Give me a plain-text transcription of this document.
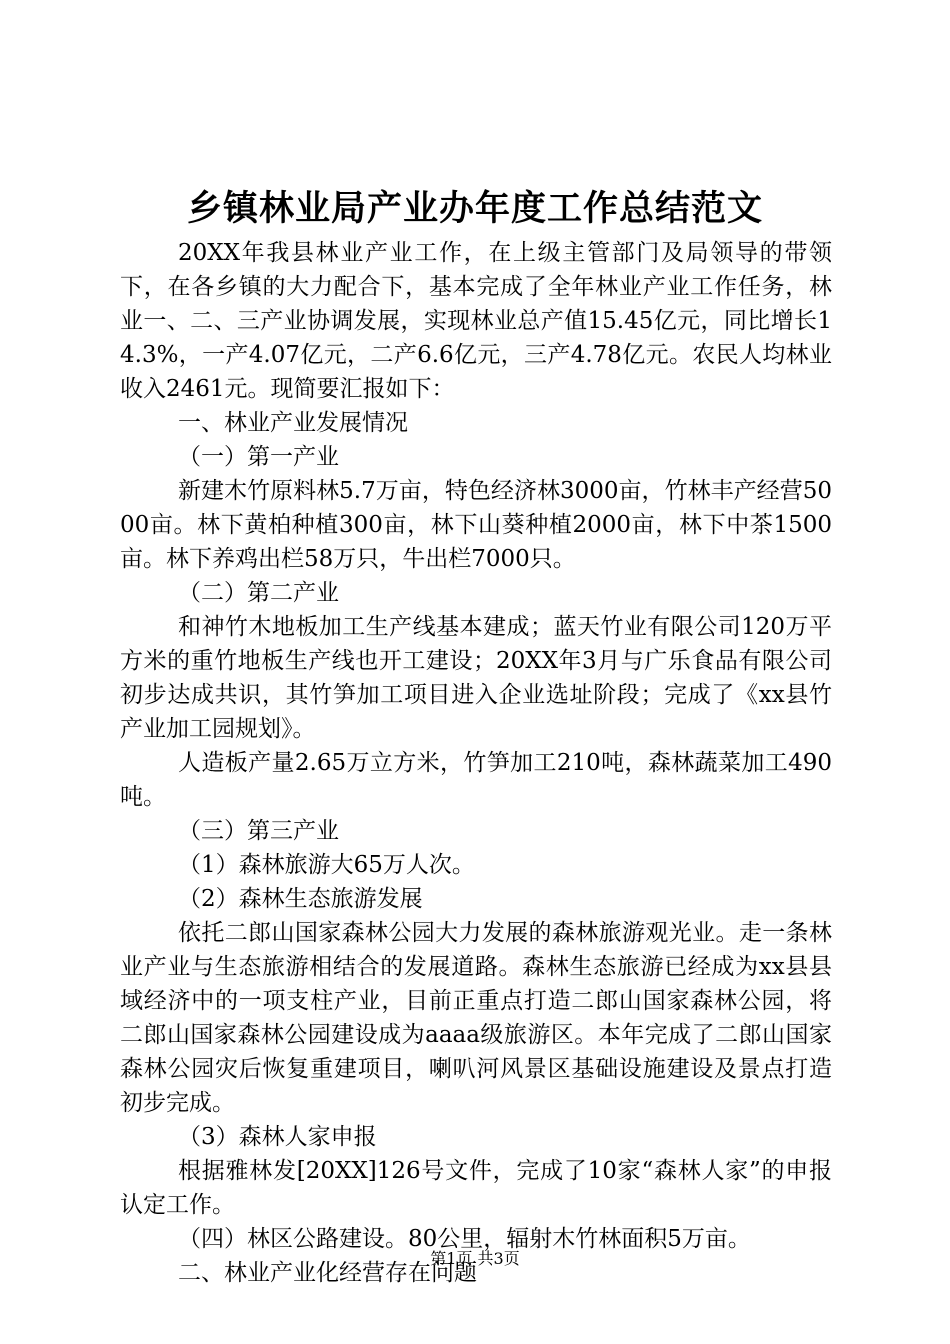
乡镇林业局产业办年度工作总结范文

20XX年我县林业产业工作，在上级主管部门及局领导的带领下，在各乡镇的大力配合下，基本完成了全年林业产业工作任务，林业一、二、三产业协调发展，实现林业总产值15.45亿元，同比增长14.3%，一产4.07亿元，二产6.6亿元，三产4.78亿元。农民人均林业收入2461元。现简要汇报如下：

一、林业产业发展情况

（一）第一产业

新建木竹原料林5.7万亩，特色经济林3000亩，竹林丰产经营5000亩。林下黄柏种植300亩，林下山葵种植2000亩，林下中茶1500亩。林下养鸡出栏58万只，牛出栏7000只。

（二）第二产业

和神竹木地板加工生产线基本建成；蓝天竹业有限公司120万平方米的重竹地板生产线也开工建设；20XX年3月与广乐食品有限公司初步达成共识，其竹笋加工项目进入企业选址阶段；完成了《xx县竹产业加工园规划》。

人造板产量2.65万立方米，竹笋加工210吨，森林蔬菜加工490吨。

（三）第三产业

（1）森林旅游大65万人次。

（2）森林生态旅游发展

依托二郎山国家森林公园大力发展的森林旅游观光业。走一条林业产业与生态旅游相结合的发展道路。森林生态旅游已经成为xx县县域经济中的一项支柱产业，目前正重点打造二郎山国家森林公园，将二郎山国家森林公园建设成为aaaa级旅游区。本年完成了二郎山国家森林公园灾后恢复重建项目，喇叭河风景区基础设施建设及景点打造初步完成。

（3）森林人家申报

根据雅林发[20XX]126号文件，完成了10家“森林人家”的申报认定工作。

（四）林区公路建设。80公里，辐射木竹林面积5万亩。

二、林业产业化经营存在问题

第1页 共3页
